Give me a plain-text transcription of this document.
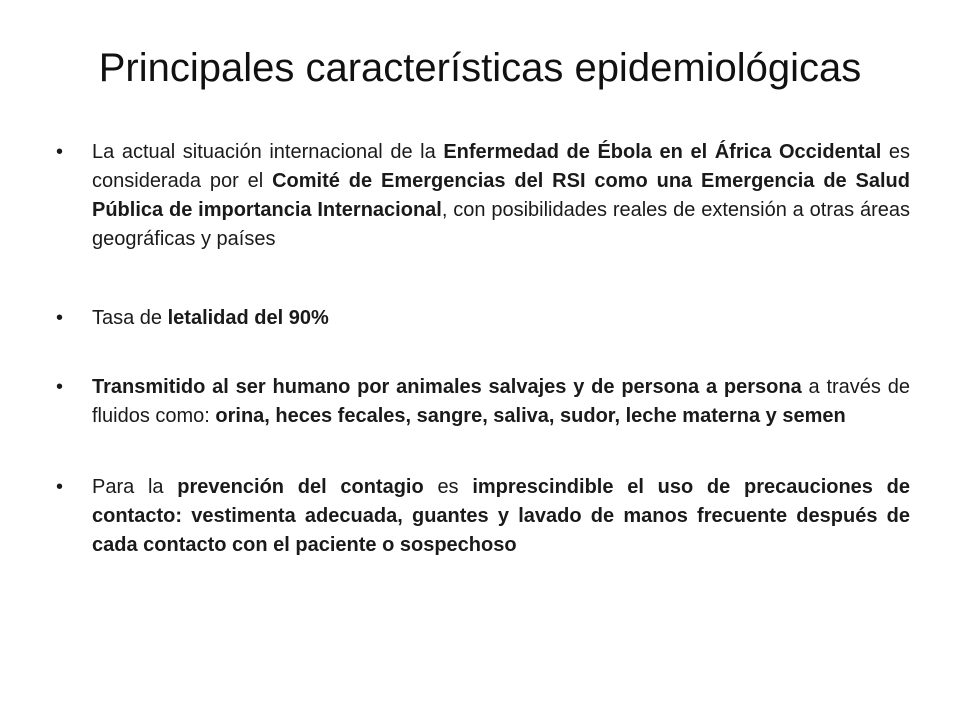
Principales características epidemiológicas
• La actual situación internacional de la Enfermedad de Ébola en el África Occidental es considerada por el Comité de Emergencias del RSI como una Emergencia de Salud Pública de importancia Internacional, con posibilidades reales de extensión a otras áreas geográficas y países
• Tasa de letalidad del 90%
• Transmitido al ser humano por animales salvajes y de persona a persona a través de fluidos como: orina, heces fecales, sangre, saliva, sudor, leche materna y semen
• Para la prevención del contagio es imprescindible el uso de precauciones de contacto: vestimenta adecuada, guantes y lavado de manos frecuente después de cada contacto con el paciente o sospechoso
